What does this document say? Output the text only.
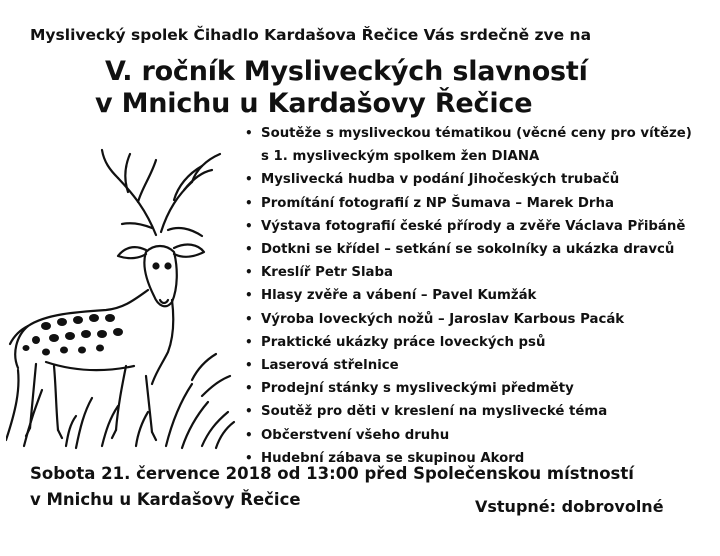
Myslivecký spolek Čihadlo Kardašova Řečice Vás srdečně zve na
V. ročník Mysliveckých slavností
v Mnichu u Kardašovy Řečice
• Soutěže s mysliveckou tématikou (věcné ceny pro vítěze)
s 1. mysliveckým spolkem žen DIANA
• Myslivecká hudba v podání Jihočeských trubačů
• Promítání fotografií z NP Šumava – Marek Drha
• Výstava fotografií české přírody a zvěře Václava Přibáně
• Dotkni se křídel – setkání se sokolníky a ukázka dravců
• Kreslíř Petr Slaba
• Hlasy zvěře a vábení – Pavel Kumžák
• Výroba loveckých nožů – Jaroslav Karbous Pacák
• Praktické ukázky práce loveckých psů
• Laserová střelnice
• Prodejní stánky s mysliveckými předměty
• Soutěž pro děti v kreslení na myslivecké téma
• Občerstvení všeho druhu
• Hudební zábava se skupinou Akord
Sobota 21. července 2018 od 13:00 před Společenskou místností
v Mnichu u Kardašovy Řečice	Vstupné: dobrovolné
